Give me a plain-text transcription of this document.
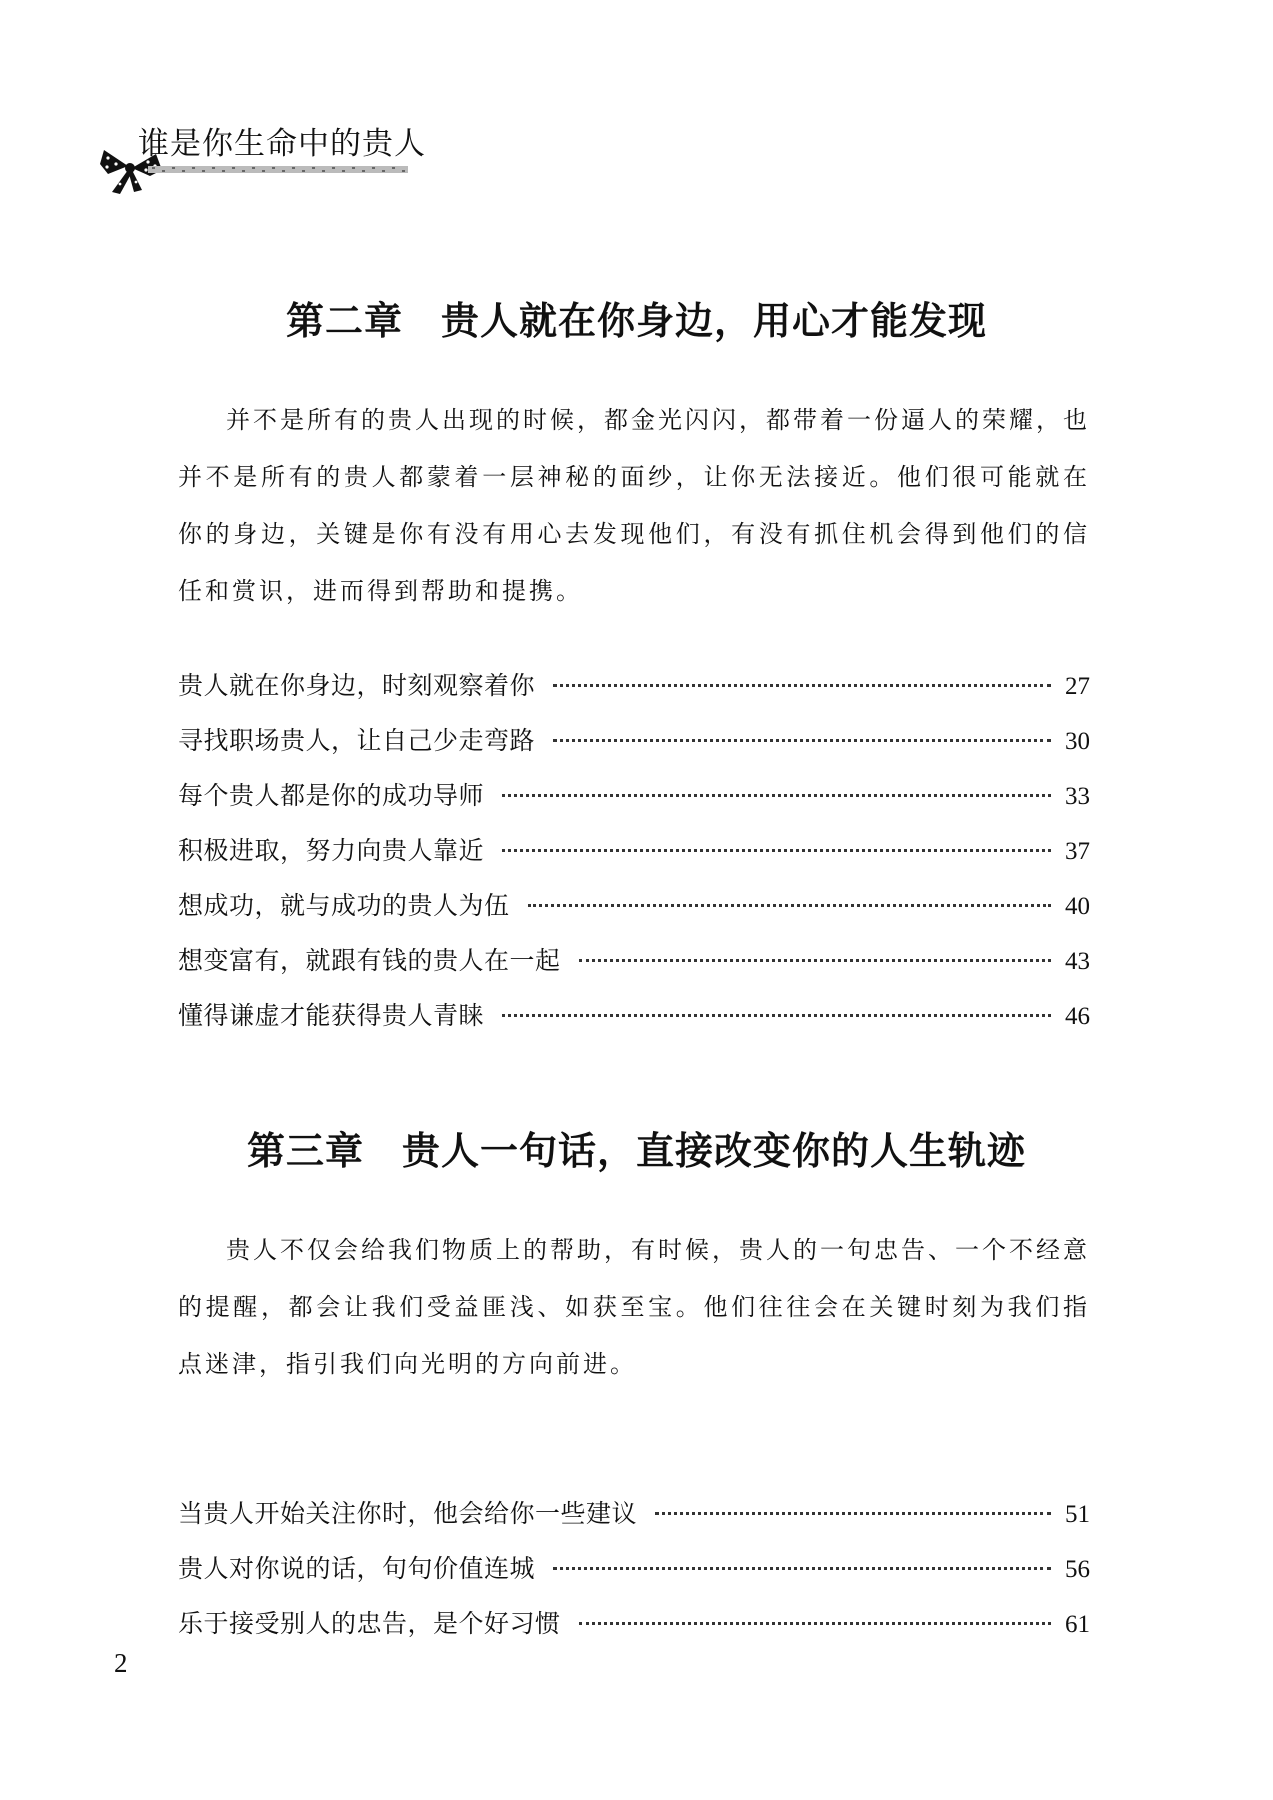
谁是你生命中的贵人
第二章 贵人就在你身边，用心才能发现

并不是所有的贵人出现的时候，都金光闪闪，都带着一份逼人的荣耀，也并不是所有的贵人都蒙着一层神秘的面纱，让你无法接近。他们很可能就在你的身边，关键是你有没有用心去发现他们，有没有抓住机会得到他们的信任和赏识，进而得到帮助和提携。

贵人就在你身边，时刻观察着你	27
寻找职场贵人，让自己少走弯路	30
每个贵人都是你的成功导师	33
积极进取，努力向贵人靠近	37
想成功，就与成功的贵人为伍	40
想变富有，就跟有钱的贵人在一起	43
懂得谦虚才能获得贵人青睐	46
第三章 贵人一句话，直接改变你的人生轨迹

贵人不仅会给我们物质上的帮助，有时候，贵人的一句忠告、一个不经意的提醒，都会让我们受益匪浅、如获至宝。他们往往会在关键时刻为我们指点迷津，指引我们向光明的方向前进。

当贵人开始关注你时，他会给你一些建议	51
贵人对你说的话，句句价值连城	56
乐于接受别人的忠告，是个好习惯	61
2
